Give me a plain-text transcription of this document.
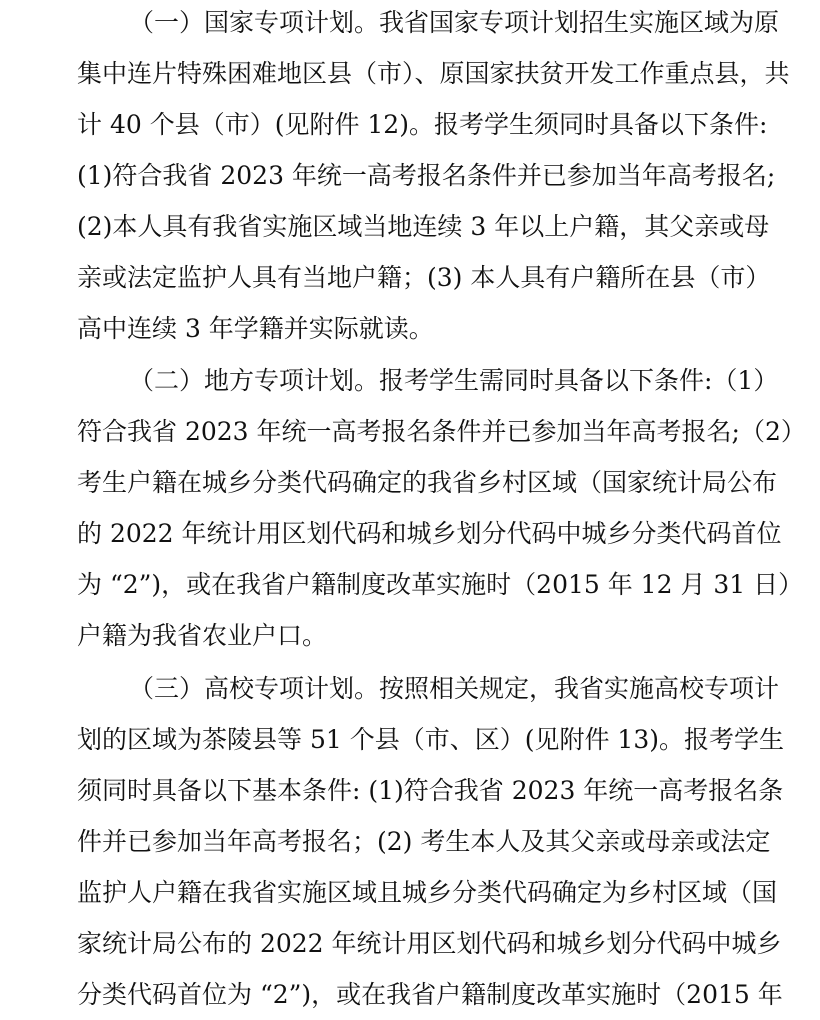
（一）国家专项计划。我省国家专项计划招生实施区域为原
集中连片特殊困难地区县（市）、原国家扶贫开发工作重点县，共
计 40 个县（市）(见附件 12)。报考学生须同时具备以下条件:
(1)符合我省 2023 年统一高考报名条件并已参加当年高考报名;
(2)本人具有我省实施区域当地连续 3 年以上户籍，其父亲或母
亲或法定监护人具有当地户籍；(3) 本人具有户籍所在县（市）
高中连续 3 年学籍并实际就读。
（二）地方专项计划。报考学生需同时具备以下条件:（1）
符合我省 2023 年统一高考报名条件并已参加当年高考报名;（2）
考生户籍在城乡分类代码确定的我省乡村区域（国家统计局公布
的 2022 年统计用区划代码和城乡划分代码中城乡分类代码首位
为 “2”)，或在我省户籍制度改革实施时（2015 年 12 月 31 日）
户籍为我省农业户口。
（三）高校专项计划。按照相关规定，我省实施高校专项计
划的区域为茶陵县等 51 个县（市、区）(见附件 13)。报考学生
须同时具备以下基本条件: (1)符合我省 2023 年统一高考报名条
件并已参加当年高考报名；(2) 考生本人及其父亲或母亲或法定
监护人户籍在我省实施区域且城乡分类代码确定为乡村区域（国
家统计局公布的 2022 年统计用区划代码和城乡划分代码中城乡
分类代码首位为 “2”)，或在我省户籍制度改革实施时（2015 年
